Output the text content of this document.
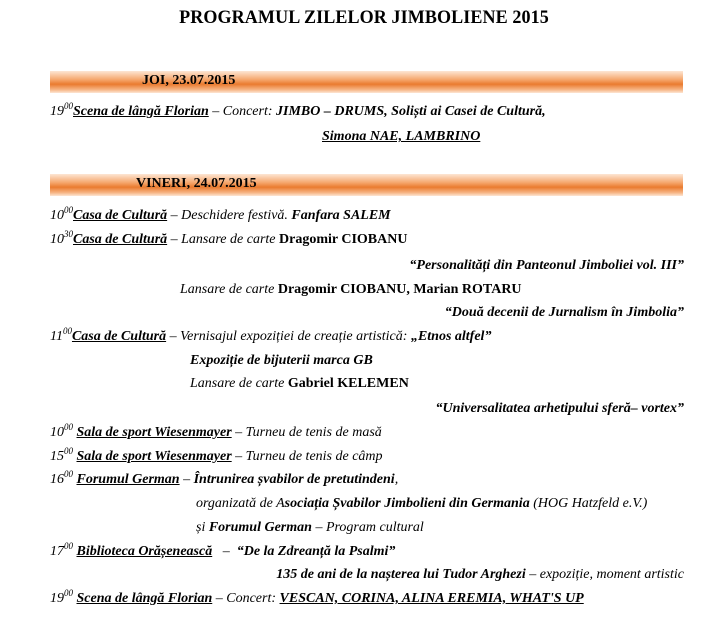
PROGRAMUL ZILELOR JIMBOLIENE 2015
JOI, 23.07.2015
$19^{00}Scena$ de lângă Florian – Concert: JIMBO – DRUMS, Soliști ai Casei de Cultură,
Simona NAE, LAMBRINO
VINERI, 24.07.2015
$10^{00}Casa$ de Cultură – Deschidere festivă. Fanfara SALEM
$10^{30}Casa$ de Cultură – Lansare de carte Dragomir CIOBANU
“Personalități din Panteonul Jimboliei vol. III”
Lansare de carte Dragomir CIOBANU, Marian ROTARU
“Două decenii de Jurnalism în Jimbolia”
$11^{00}Casa$ de Cultură – Vernisajul expoziției de creație artistică: „Etnos altfel”
Expoziție de bijuterii marca GB
Lansare de carte Gabriel KELEMEN
“Universalitatea arhetipului sferă– vortex”
$10^{00}$ Sala de sport Wiesenmayer – Turneu de tenis de masă
$15^{00}$ Sala de sport Wiesenmayer – Turneu de tenis de câmp
$16^{00}$ Forumul German – Întrunirea șvabilor de pretutindeni,
organizată de Asociația Șvabilor Jimbolieni din Germania (HOG Hatzfeld e.V.)
și Forumul German – Program cultural
$17^{00}$ Biblioteca Orășenească   –  “De la Zdreanță la Psalmi”
135 de ani de la nașterea lui Tudor Arghezi – expoziție, moment artistic
$19^{00}$ Scena de lângă Florian – Concert: VESCAN, CORINA, ALINA EREMIA, WHAT'S UP
